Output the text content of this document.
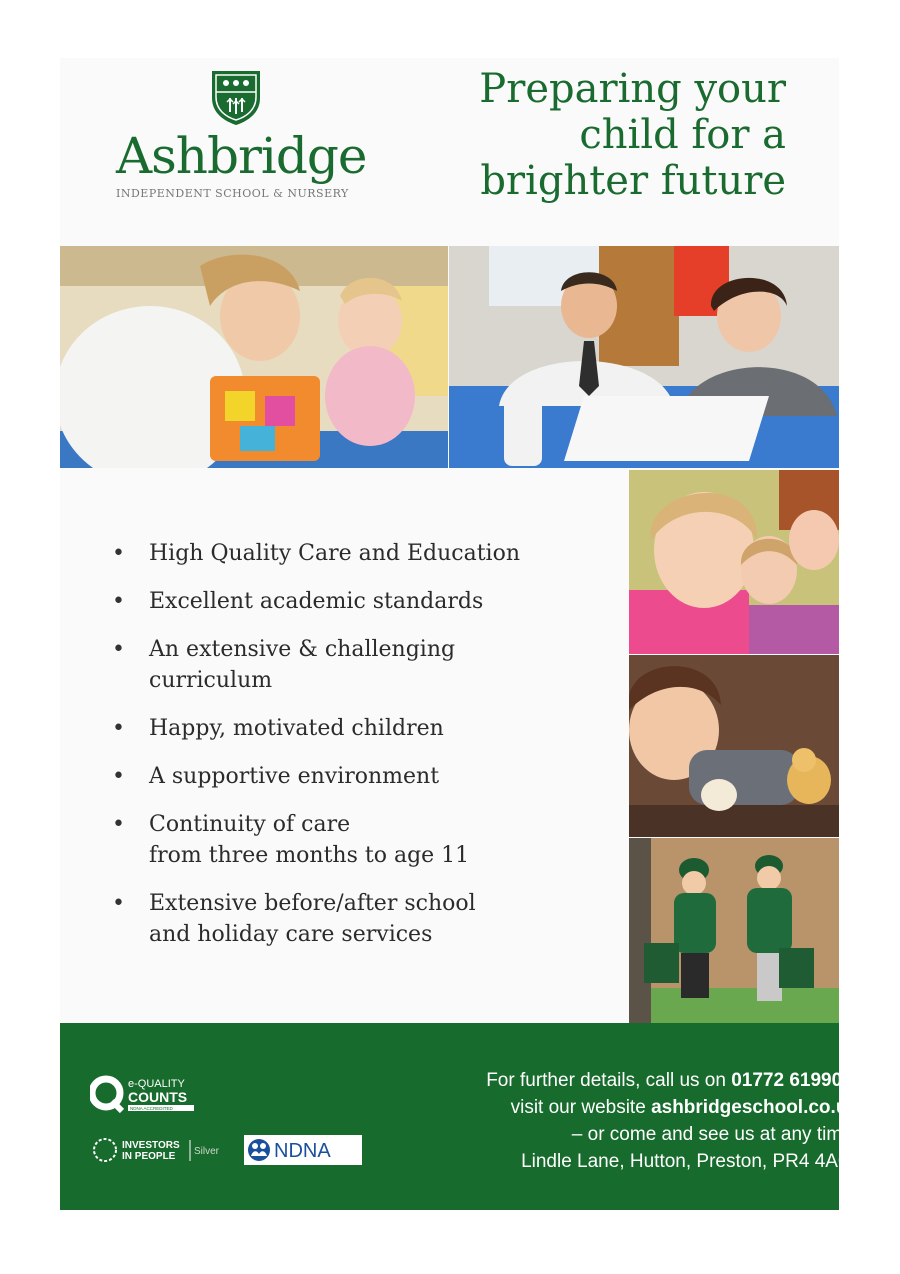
Ashbridge
INDEPENDENT SCHOOL & NURSERY
Preparing your
child for a
brighter future
• High Quality Care and Education
• Excellent academic standards
• An extensive & challenging
curriculum
• Happy, motivated children
• A supportive environment
• Continuity of care
from three months to age 11
• Extensive before/after school
and holiday care services
e-QUALITY
COUNTS
NDNA ACCREDITED
INVESTORS
IN PEOPLE Silver	NDNA
For further details, call us on 01772 619900,
visit our website ashbridgeschool.co.uk
– or come and see us at any time.
Lindle Lane, Hutton, Preston, PR4 4AQ.
